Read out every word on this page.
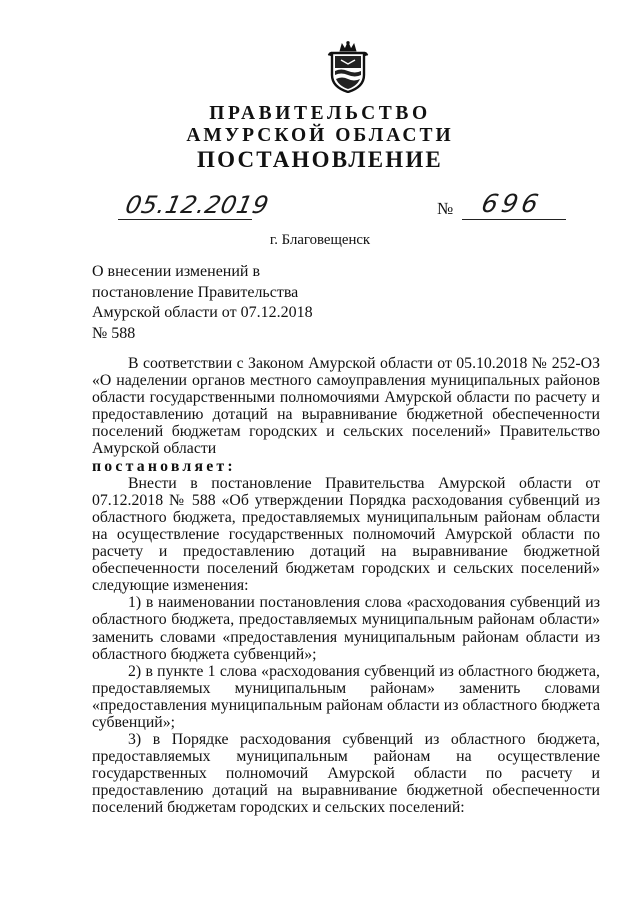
ПРАВИТЕЛЬСТВО
АМУРСКОЙ ОБЛАСТИ
ПОСТАНОВЛЕНИЕ
05.12.2019	№ 696
г. Благовещенск
О внесении изменений в
постановление Правительства
Амурской области от 07.12.2018
№ 588

В соответствии с Законом Амурской области от 05.10.2018 № 252-ОЗ «О наделении органов местного самоуправления муниципальных районов области государственными полномочиями Амурской области по расчету и предоставлению дотаций на выравнивание бюджетной обеспеченности поселений бюджетам городских и сельских поселений» Правительство Амурской области

постановляет:

Внести в постановление Правительства Амурской области от 07.12.2018 № 588 «Об утверждении Порядка расходования субвенций из областного бюджета, предоставляемых муниципальным районам области на осуществление государственных полномочий Амурской области по расчету и предоставлению дотаций на выравнивание бюджетной обеспеченности поселений бюджетам городских и сельских поселений» следующие изменения:

1) в наименовании постановления слова «расходования субвенций из областного бюджета, предоставляемых муниципальным районам области» заменить словами «предоставления муниципальным районам области из областного бюджета субвенций»;

2) в пункте 1 слова «расходования субвенций из областного бюджета, предоставляемых муниципальным районам» заменить словами «предоставления муниципальным районам области из областного бюджета субвенций»;

3) в Порядке расходования субвенций из областного бюджета, предоставляемых муниципальным районам на осуществление государственных полномочий Амурской области по расчету и предоставлению дотаций на выравнивание бюджетной обеспеченности поселений бюджетам городских и сельских поселений:
